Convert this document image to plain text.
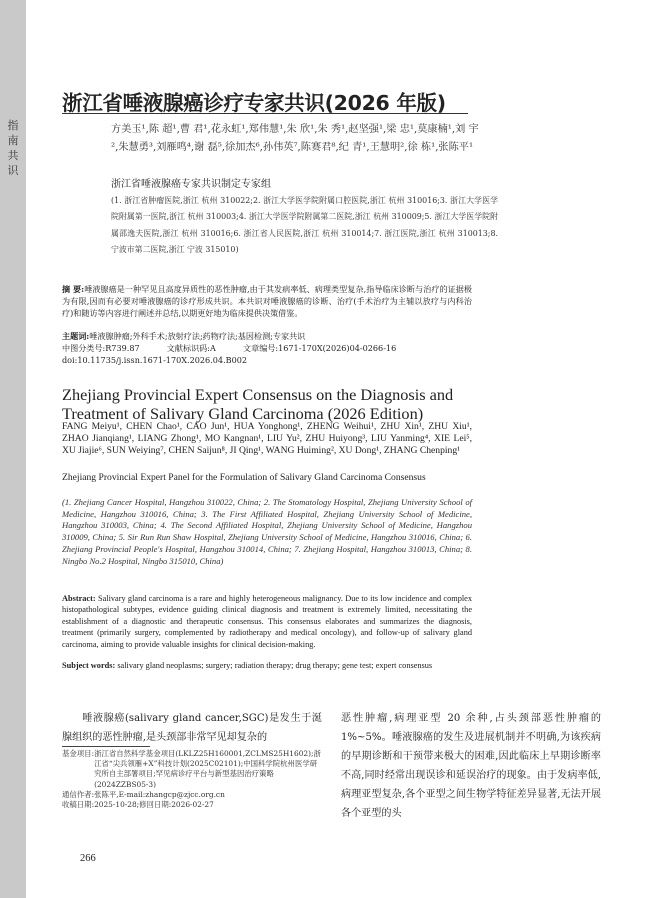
指南共识
浙江省唾液腺癌诊疗专家共识(2026 年版)
方美玉¹,陈 超¹,曹 君¹,花永虹¹,郑伟慧¹,朱 欣¹,朱 秀¹,赵坚强¹,梁 忠¹,莫康楠¹,刘 宇²,朱慧勇³,刘雁鸣⁴,谢 磊⁵,徐加杰⁶,孙伟英⁷,陈赛君⁸,纪 青¹,王慧明²,徐 栋¹,张陈平¹
浙江省唾液腺癌专家共识制定专家组
(1. 浙江省肿瘤医院,浙江 杭州 310022;2. 浙江大学医学院附属口腔医院,浙江 杭州 310016;3. 浙江大学医学院附属第一医院,浙江 杭州 310003;4. 浙江大学医学院附属第二医院,浙江 杭州 310009;5. 浙江大学医学院附属邵逸夫医院,浙江 杭州 310016;6. 浙江省人民医院,浙江 杭州 310014;7. 浙江医院,浙江 杭州 310013;8. 宁波市第二医院,浙江 宁波 315010)
摘 要:唾液腺癌是一种罕见且高度异质性的恶性肿瘤,由于其发病率低、病理类型复杂,指导临床诊断与治疗的证据极为有限,因而有必要对唾液腺癌的诊疗形成共识。本共识对唾液腺癌的诊断、治疗(手术治疗为主辅以放疗与内科治疗)和随访等内容进行阐述并总结,以期更好地为临床提供决策借鉴。
主题词:唾液腺肿瘤;外科手术;放射疗法;药物疗法;基因检测;专家共识
中图分类号:R739.87	文献标识码:A	文章编号:1671-170X(2026)04-0266-16
doi:10.11735/j.issn.1671-170X.2026.04.B002
Zhejiang Provincial Expert Consensus on the Diagnosis and Treatment of Salivary Gland Carcinoma (2026 Edition)
FANG Meiyu¹, CHEN Chao¹, CAO Jun¹, HUA Yonghong¹, ZHENG Weihui¹, ZHU Xin¹, ZHU Xiu¹, ZHAO Jianqiang¹, LIANG Zhong¹, MO Kangnan¹, LIU Yu², ZHU Huiyong³, LIU Yanming⁴, XIE Lei⁵, XU Jiajie⁶, SUN Weiying⁷, CHEN Saijun⁸, JI Qing¹, WANG Huiming², XU Dong¹, ZHANG Chenping¹
Zhejiang Provincial Expert Panel for the Formulation of Salivary Gland Carcinoma Consensus
(1. Zhejiang Cancer Hospital, Hangzhou 310022, China; 2. The Stomatology Hospital, Zhejiang University School of Medicine, Hangzhou 310016, China; 3. The First Affiliated Hospital, Zhejiang University School of Medicine, Hangzhou 310003, China; 4. The Second Affiliated Hospital, Zhejiang University School of Medicine, Hangzhou 310009, China; 5. Sir Run Run Shaw Hospital, Zhejiang University School of Medicine, Hangzhou 310016, China; 6. Zhejiang Provincial People's Hospital, Hangzhou 310014, China; 7. Zhejiang Hospital, Hangzhou 310013, China; 8. Ningbo No.2 Hospital, Ningbo 315010, China)
Abstract: Salivary gland carcinoma is a rare and highly heterogeneous malignancy. Due to its low incidence and complex histopathological subtypes, evidence guiding clinical diagnosis and treatment is extremely limited, necessitating the establishment of a diagnostic and therapeutic consensus. This consensus elaborates and summarizes the diagnosis, treatment (primarily surgery, complemented by radiotherapy and medical oncology), and follow-up of salivary gland carcinoma, aiming to provide valuable insights for clinical decision-making.
Subject words: salivary gland neoplasms; surgery; radiation therapy; drug therapy; gene test; expert consensus
唾液腺癌(salivary gland cancer,SGC)是发生于涎腺组织的恶性肿瘤,是头颈部非常罕见却复杂的
基金项目: 浙江省自然科学基金项目(LKLZ25H160001,ZCLMS25H1602);浙江省“尖兵领雁+X”科技计划(2025C02101);中国科学院杭州医学研究所自主部署项目;罕见病诊疗平台与新型基因治疗策略(2024ZZBS05-3)
通信作者: 张陈平,E-mail:zhangcp@zjcc.org.cn
收稿日期: 2025-10-28;修回日期:2026-02-27
恶性肿瘤,病理亚型 20 余种,占头颈部恶性肿瘤的 1%~5%。唾液腺癌的发生及进展机制并不明确,为该疾病的早期诊断和干预带来极大的困难,因此临床上早期诊断率不高,同时经常出现误诊和延误治疗的现象。由于发病率低,病理亚型复杂,各个亚型之间生物学特征差异显著,无法开展各个亚型的头
266
